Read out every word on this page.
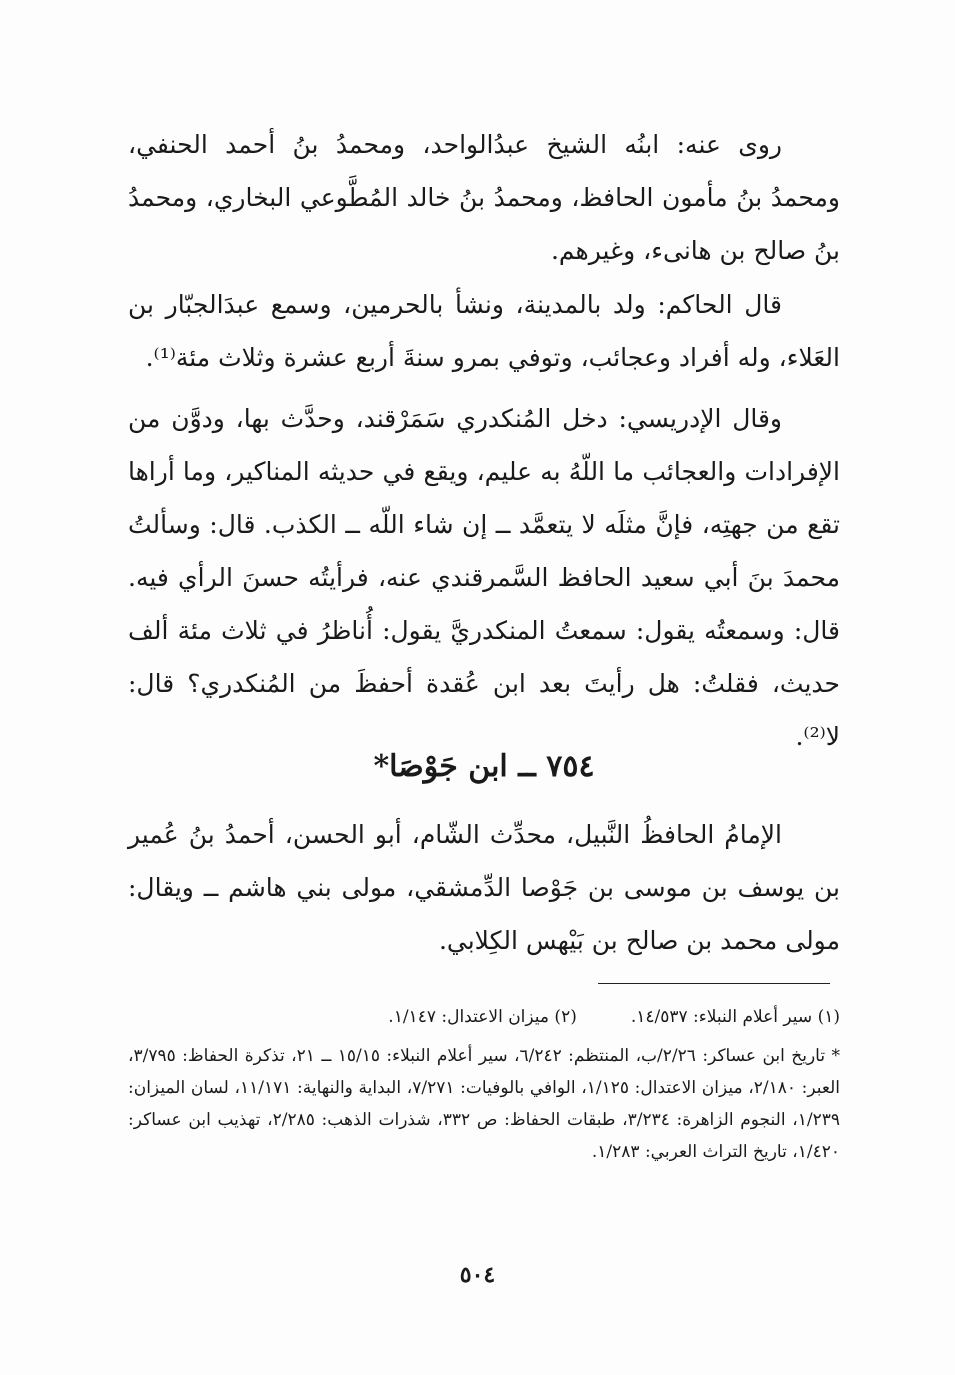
روى عنه: ابنُه الشيخ عبدُالواحد، ومحمدُ بنُ أحمد الحنفي، ومحمدُ بنُ مأمون الحافظ، ومحمدُ بنُ خالد المُطَّوعي البخاري، ومحمدُ بنُ صالح بن هانىء، وغيرهم.

قال الحاكم: ولد بالمدينة، ونشأ بالحرمين، وسمع عبدَالجبّار بن العَلاء، وله أفراد وعجائب، وتوفي بمرو سنةَ أربع عشرة وثلاث مئة⁽¹⁾.

وقال الإدريسي: دخل المُنكدري سَمَرْقند، وحدَّث بها، ودوَّن من الإفرادات والعجائب ما اللّهُ به عليم، ويقع في حديثه المناكير، وما أراها تقع من جهتِه، فإنَّ مثلَه لا يتعمَّد ــ إن شاء اللّه ــ الكذب. قال: وسألتُ محمدَ بنَ أبي سعيد الحافظ السَّمرقندي عنه، فرأيتُه حسنَ الرأي فيه. قال: وسمعتُه يقول: سمعتُ المنكدريَّ يقول: أُناظرُ في ثلاث مئة ألف حديث، فقلتُ: هل رأيتَ بعد ابن عُقدة أحفظَ من المُنكدري؟ قال: لا⁽²⁾.

٧٥٤ ــ ابن جَوْصَا*

الإمامُ الحافظُ النَّبيل، محدِّث الشّام، أبو الحسن، أحمدُ بنُ عُمير بن يوسف بن موسى بن جَوْصا الدِّمشقي، مولى بني هاشم ــ ويقال: مولى محمد بن صالح بن بَيْهس الكِلابي.

(١) سير أعلام النبلاء: ١٤/٥٣٧.
(٢) ميزان الاعتدال: ١/١٤٧.

* تاريخ ابن عساكر: ٢/٢٦/ب، المنتظم: ٦/٢٤٢، سير أعلام النبلاء: ١٥/١٥ ــ ٢١، تذكرة الحفاظ: ٣/٧٩٥، العبر: ٢/١٨٠، ميزان الاعتدال: ١/١٢٥، الوافي بالوفيات: ٧/٢٧١، البداية والنهاية: ١١/١٧١، لسان الميزان: ١/٢٣٩، النجوم الزاهرة: ٣/٢٣٤، طبقات الحفاظ: ص ٣٣٢، شذرات الذهب: ٢/٢٨٥، تهذيب ابن عساكر: ١/٤٢٠، تاريخ التراث العربي: ١/٢٨٣.

٥٠٤
